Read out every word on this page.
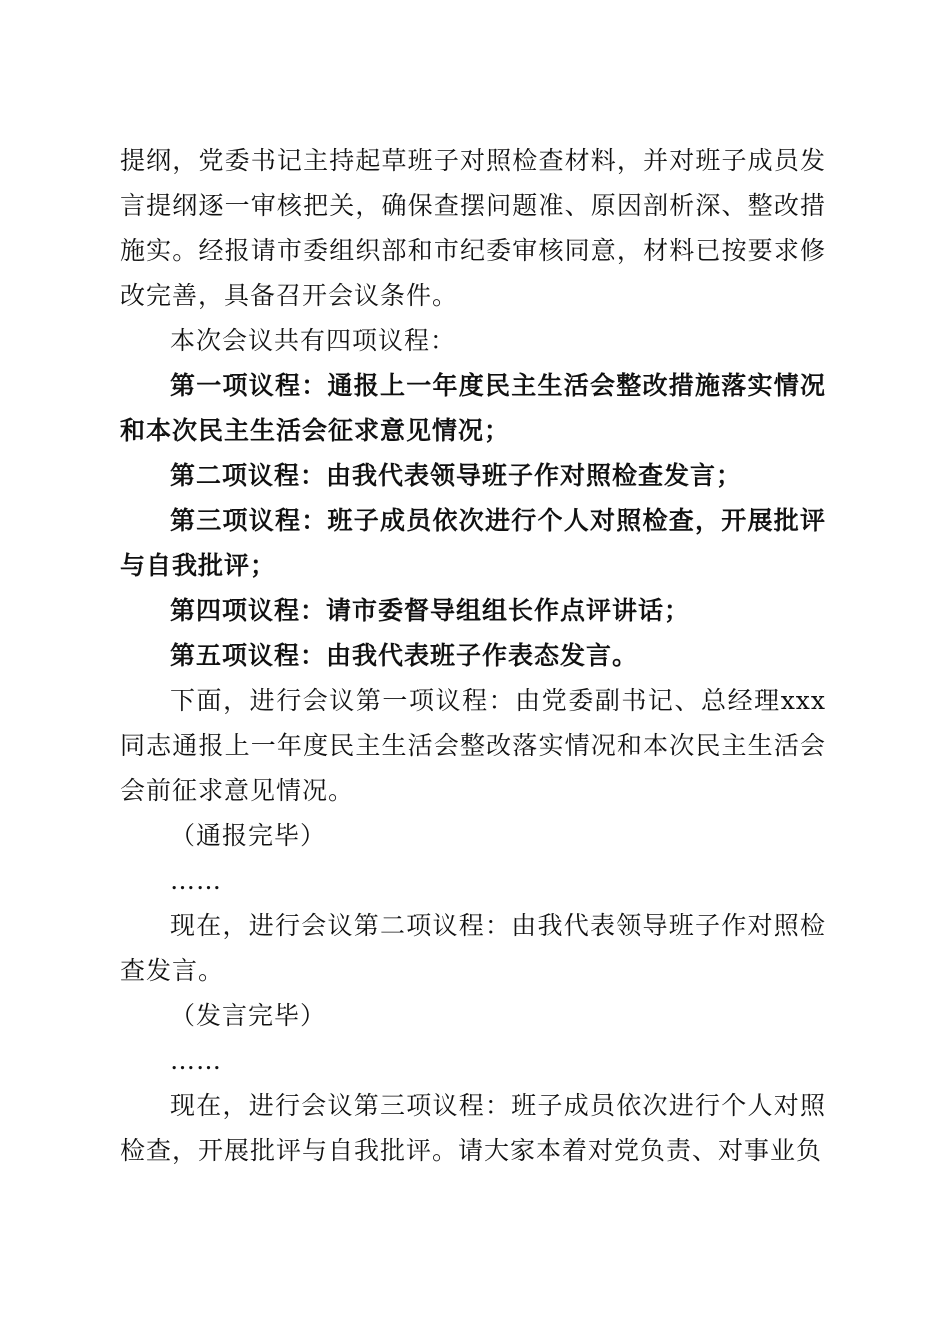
提纲，党委书记主持起草班子对照检查材料，并对班子成员发言提纲逐一审核把关，确保查摆问题准、原因剖析深、整改措施实。经报请市委组织部和市纪委审核同意，材料已按要求修改完善，具备召开会议条件。

本次会议共有四项议程：

第一项议程：通报上一年度民主生活会整改措施落实情况和本次民主生活会征求意见情况；

第二项议程：由我代表领导班子作对照检查发言；

第三项议程：班子成员依次进行个人对照检查，开展批评与自我批评；

第四项议程：请市委督导组组长作点评讲话；

第五项议程：由我代表班子作表态发言。

下面，进行会议第一项议程：由党委副书记、总经理xxx同志通报上一年度民主生活会整改落实情况和本次民主生活会会前征求意见情况。

（通报完毕）

……

现在，进行会议第二项议程：由我代表领导班子作对照检查发言。

（发言完毕）

……

现在，进行会议第三项议程：班子成员依次进行个人对照检查，开展批评与自我批评。请大家本着对党负责、对事业负
